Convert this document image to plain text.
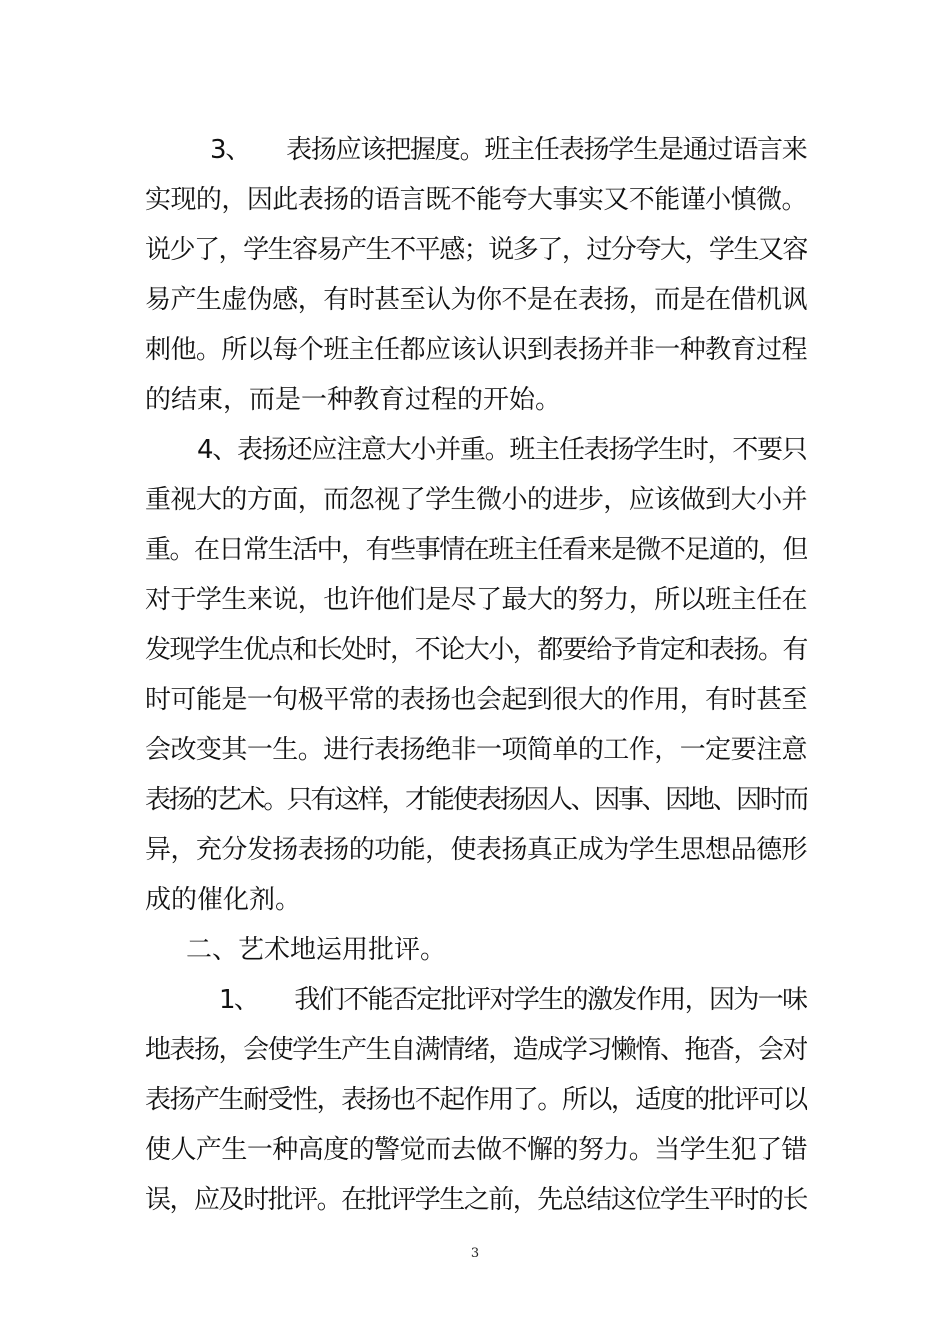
3、 表扬应该把握度。班主任表扬学生是通过语言来
实现的，因此表扬的语言既不能夸大事实又不能谨小慎微。
说少了，学生容易产生不平感；说多了，过分夸大，学生又容
易产生虚伪感，有时甚至认为你不是在表扬，而是在借机讽
刺他。所以每个班主任都应该认识到表扬并非一种教育过程
的结束，而是一种教育过程的开始。
4、表扬还应注意大小并重。班主任表扬学生时，不要只
重视大的方面，而忽视了学生微小的进步，应该做到大小并
重。在日常生活中，有些事情在班主任看来是微不足道的，但
对于学生来说，也许他们是尽了最大的努力，所以班主任在
发现学生优点和长处时，不论大小，都要给予肯定和表扬。有
时可能是一句极平常的表扬也会起到很大的作用，有时甚至
会改变其一生。进行表扬绝非一项简单的工作，一定要注意
表扬的艺术。只有这样，才能使表扬因人、因事、因地、因时而
异，充分发扬表扬的功能，使表扬真正成为学生思想品德形
成的催化剂。
二、艺术地运用批评。
1、 我们不能否定批评对学生的激发作用，因为一味
地表扬，会使学生产生自满情绪，造成学习懒惰、拖沓，会对
表扬产生耐受性，表扬也不起作用了。所以，适度的批评可以
使人产生一种高度的警觉而去做不懈的努力。当学生犯了错
误，应及时批评。在批评学生之前，先总结这位学生平时的长
3
